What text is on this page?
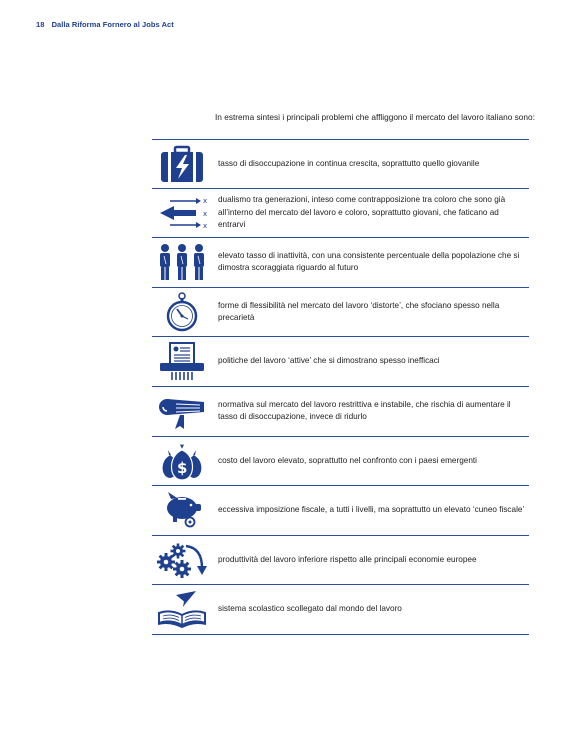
18 Dalla Riforma Fornero al Jobs Act

In estrema sintesi i principali problemi che affliggono il mercato del lavoro italiano sono:

tasso di disoccupazione in continua crescita, soprattutto quello giovanile
x
x
x
dualismo tra generazioni, inteso come contrapposizione tra coloro che sono già all’interno del mercato del lavoro e coloro, soprattutto giovani, che faticano ad entrarvi
elevato tasso di inattività, con una consistente percentuale della popolazione che si dimostra scoraggiata riguardo al futuro
forme di flessibilità nel mercato del lavoro ‘distorte’, che sfociano spesso nella precarietà
politiche del lavoro ‘attive’ che si dimostrano spesso inefficaci
normativa sul mercato del lavoro restrittiva e instabile, che rischia di aumentare il tasso di disoccupazione, invece di ridurlo
$	costo del lavoro elevato, soprattutto nel confronto con i paesi emergenti
eccessiva imposizione fiscale, a tutti i livelli, ma soprattutto un elevato ‘cuneo fiscale’
produttività del lavoro inferiore rispetto alle principali economie europee
sistema scolastico scollegato dal mondo del lavoro
